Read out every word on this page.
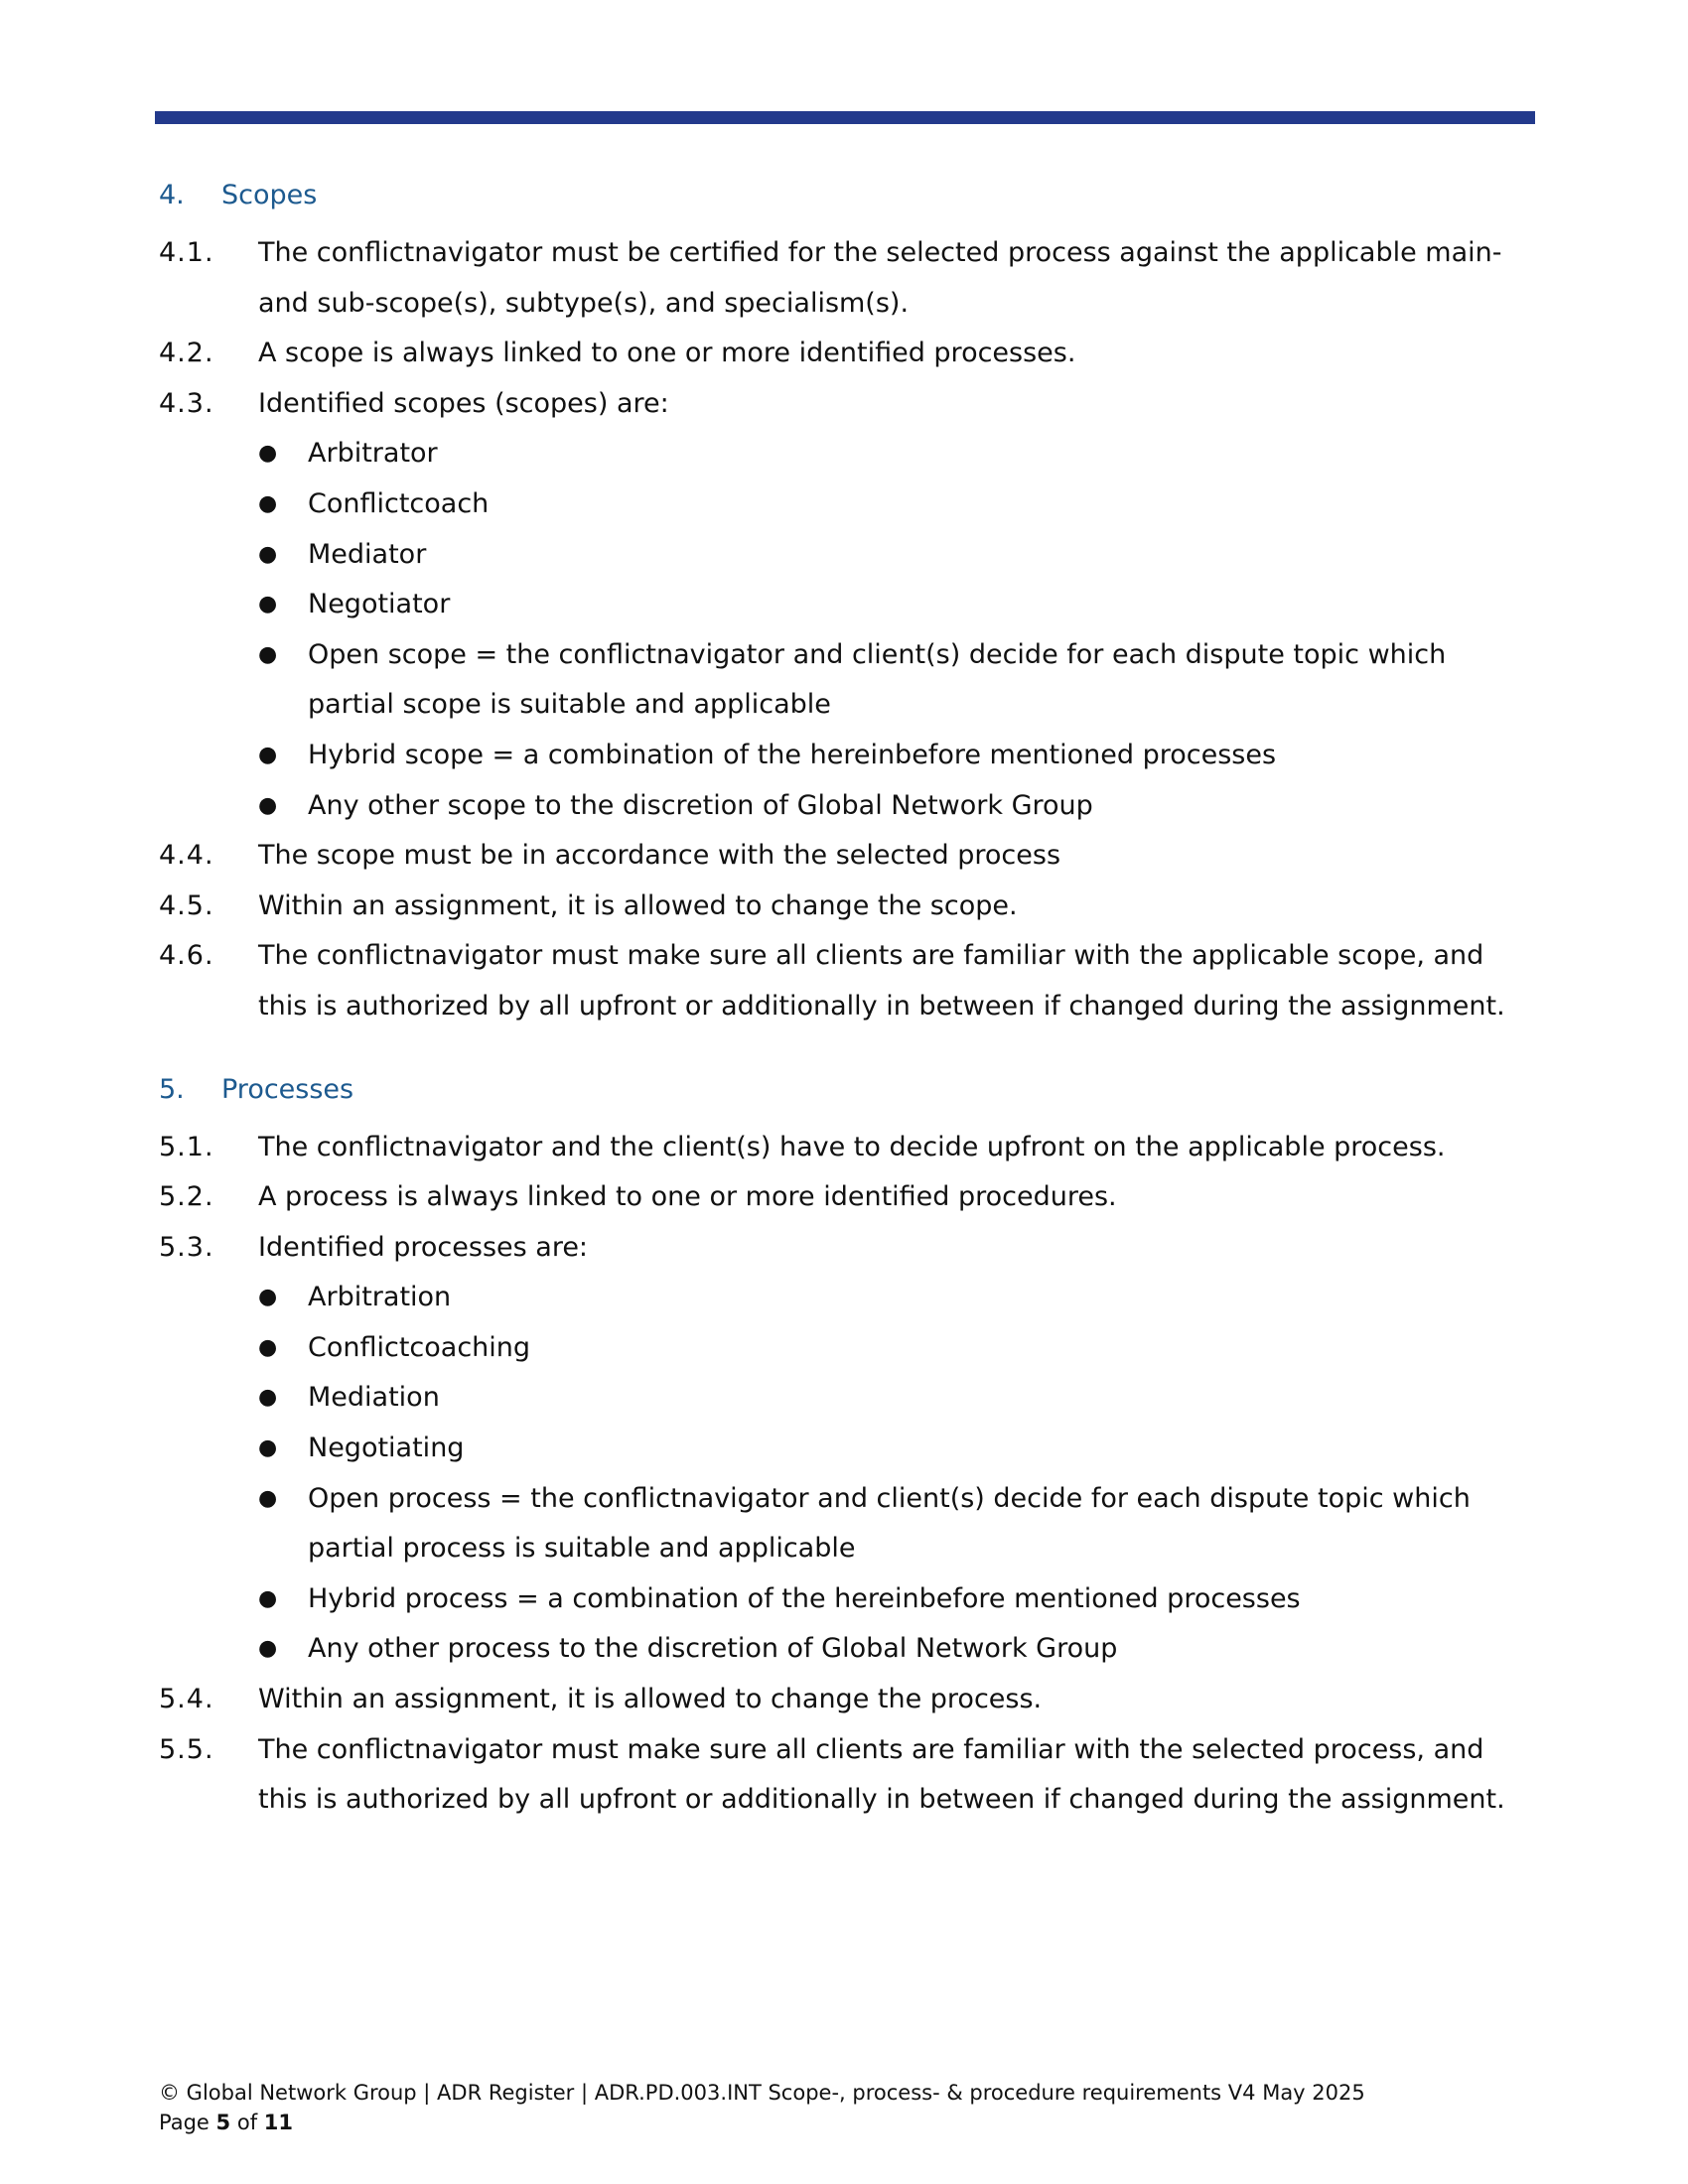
4.	Scopes
4.1.	The conflictnavigator must be certified for the selected process against the applicable main- and sub-scope(s), subtype(s), and specialism(s).
4.2.	A scope is always linked to one or more identified processes.
4.3.	Identified scopes (scopes) are:
●	Arbitrator
●	Conflictcoach
●	Mediator
●	Negotiator
●	Open scope = the conflictnavigator and client(s) decide for each dispute topic which partial scope is suitable and applicable
●	Hybrid scope = a combination of the hereinbefore mentioned processes
●	Any other scope to the discretion of Global Network Group
4.4.	The scope must be in accordance with the selected process
4.5.	Within an assignment, it is allowed to change the scope.
4.6.	The conflictnavigator must make sure all clients are familiar with the applicable scope, and this is authorized by all upfront or additionally in between if changed during the assignment.
5.	Processes
5.1.	The conflictnavigator and the client(s) have to decide upfront on the applicable process.
5.2.	A process is always linked to one or more identified procedures.
5.3.	Identified processes are:
●	Arbitration
●	Conflictcoaching
●	Mediation
●	Negotiating
●	Open process = the conflictnavigator and client(s) decide for each dispute topic which partial process is suitable and applicable
●	Hybrid process = a combination of the hereinbefore mentioned processes
●	Any other process to the discretion of Global Network Group
5.4.	Within an assignment, it is allowed to change the process.
5.5.	The conflictnavigator must make sure all clients are familiar with the selected process, and this is authorized by all upfront or additionally in between if changed during the assignment.
© Global Network Group | ADR Register | ADR.PD.003.INT Scope-, process- & procedure requirements V4 May 2025
Page 5 of 11
